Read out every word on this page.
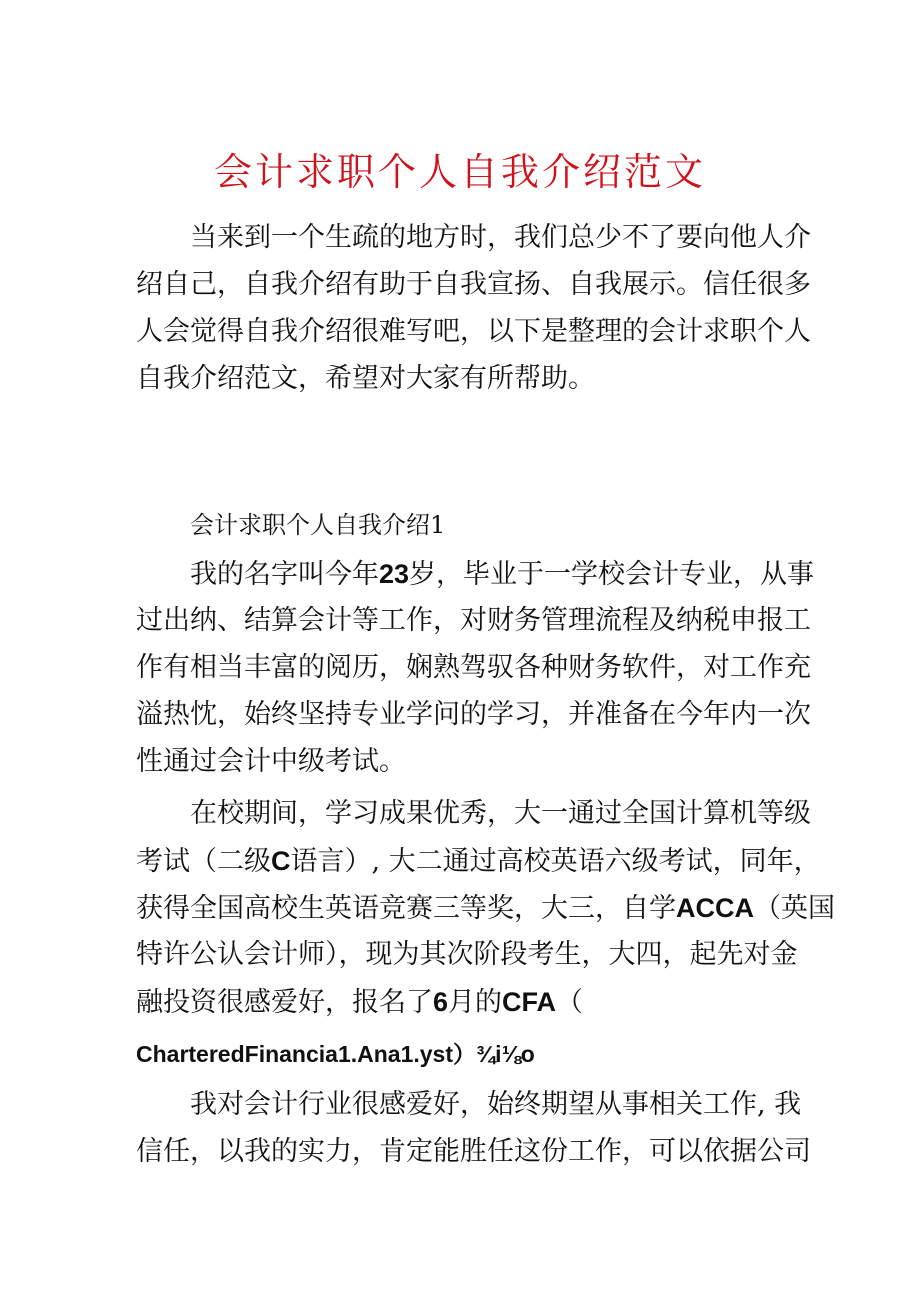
会计求职个人自我介绍范文
当来到一个生疏的地方时，我们总少不了要向他人介
绍自己，自我介绍有助于自我宣扬、自我展示。信任很多
人会觉得自我介绍很难写吧，以下是整理的会计求职个人
自我介绍范文，希望对大家有所帮助。
会计求职个人自我介绍1
我的名字叫今年23岁，毕业于一学校会计专业，从事
过出纳、结算会计等工作，对财务管理流程及纳税申报工
作有相当丰富的阅历，娴熟驾驭各种财务软件，对工作充
溢热忱，始终坚持专业学问的学习，并准备在今年内一次
性通过会计中级考试。
在校期间，学习成果优秀，大一通过全国计算机等级
考试（二级C语言）, 大二通过高校英语六级考试，同年，
获得全国高校生英语竞赛三等奖，大三，自学ACCA（英国
特许公认会计师），现为其次阶段考生，大四，起先对金
融投资很感爱好，报名了6月的CFA（
CharteredFinancia1.Ana1.yst）¾i⅛o
我对会计行业很感爱好，始终期望从事相关工作, 我
信任，以我的实力，肯定能胜任这份工作，可以依据公司
